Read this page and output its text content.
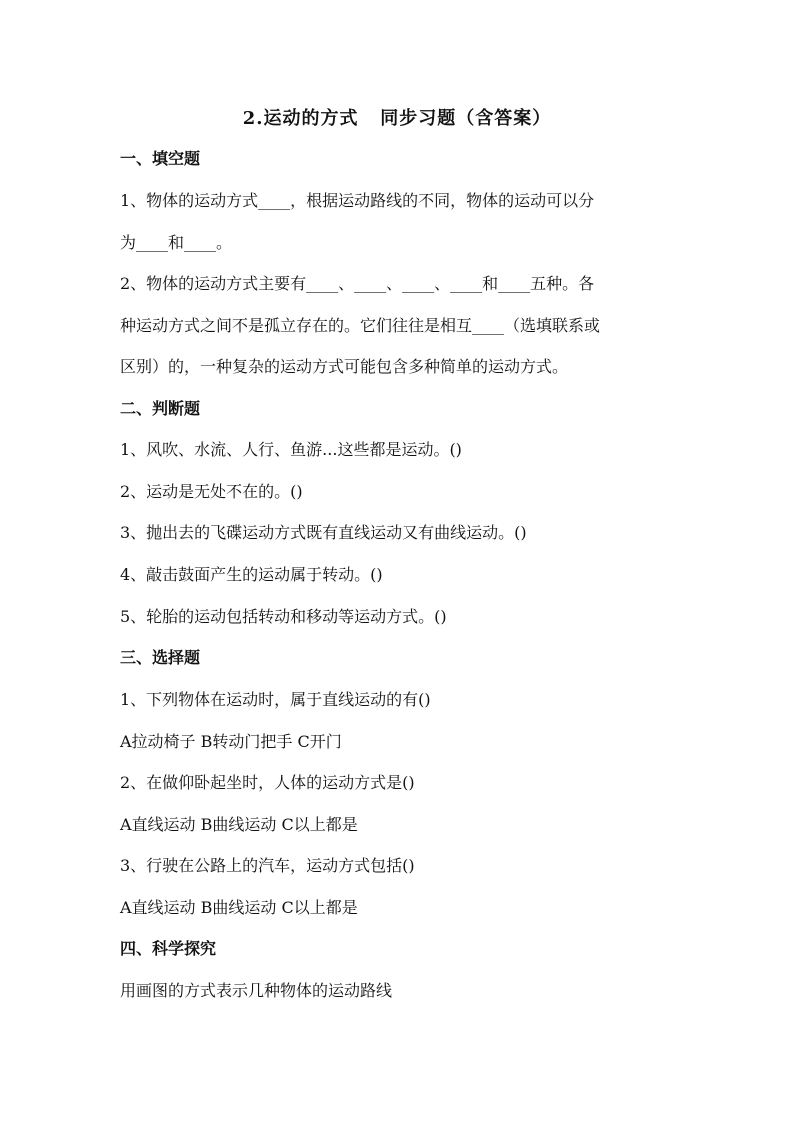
2.运动的方式   同步习题（含答案）
一、填空题
1、物体的运动方式____，根据运动路线的不同，物体的运动可以分
为____和____。
2、物体的运动方式主要有____、____、____、____和____五种。各
种运动方式之间不是孤立存在的。它们往往是相互____（选填联系或
区别）的，一种复杂的运动方式可能包含多种简单的运动方式。
二、判断题
1、风吹、水流、人行、鱼游...这些都是运动。()
2、运动是无处不在的。()
3、抛出去的飞碟运动方式既有直线运动又有曲线运动。()
4、敲击鼓面产生的运动属于转动。()
5、轮胎的运动包括转动和移动等运动方式。()
三、选择题
1、下列物体在运动时，属于直线运动的有()
A拉动椅子 B转动门把手 C开门
2、在做仰卧起坐时，人体的运动方式是()
A直线运动 B曲线运动 C以上都是
3、行驶在公路上的汽车，运动方式包括()
A直线运动 B曲线运动 C以上都是
四、科学探究
用画图的方式表示几种物体的运动路线
